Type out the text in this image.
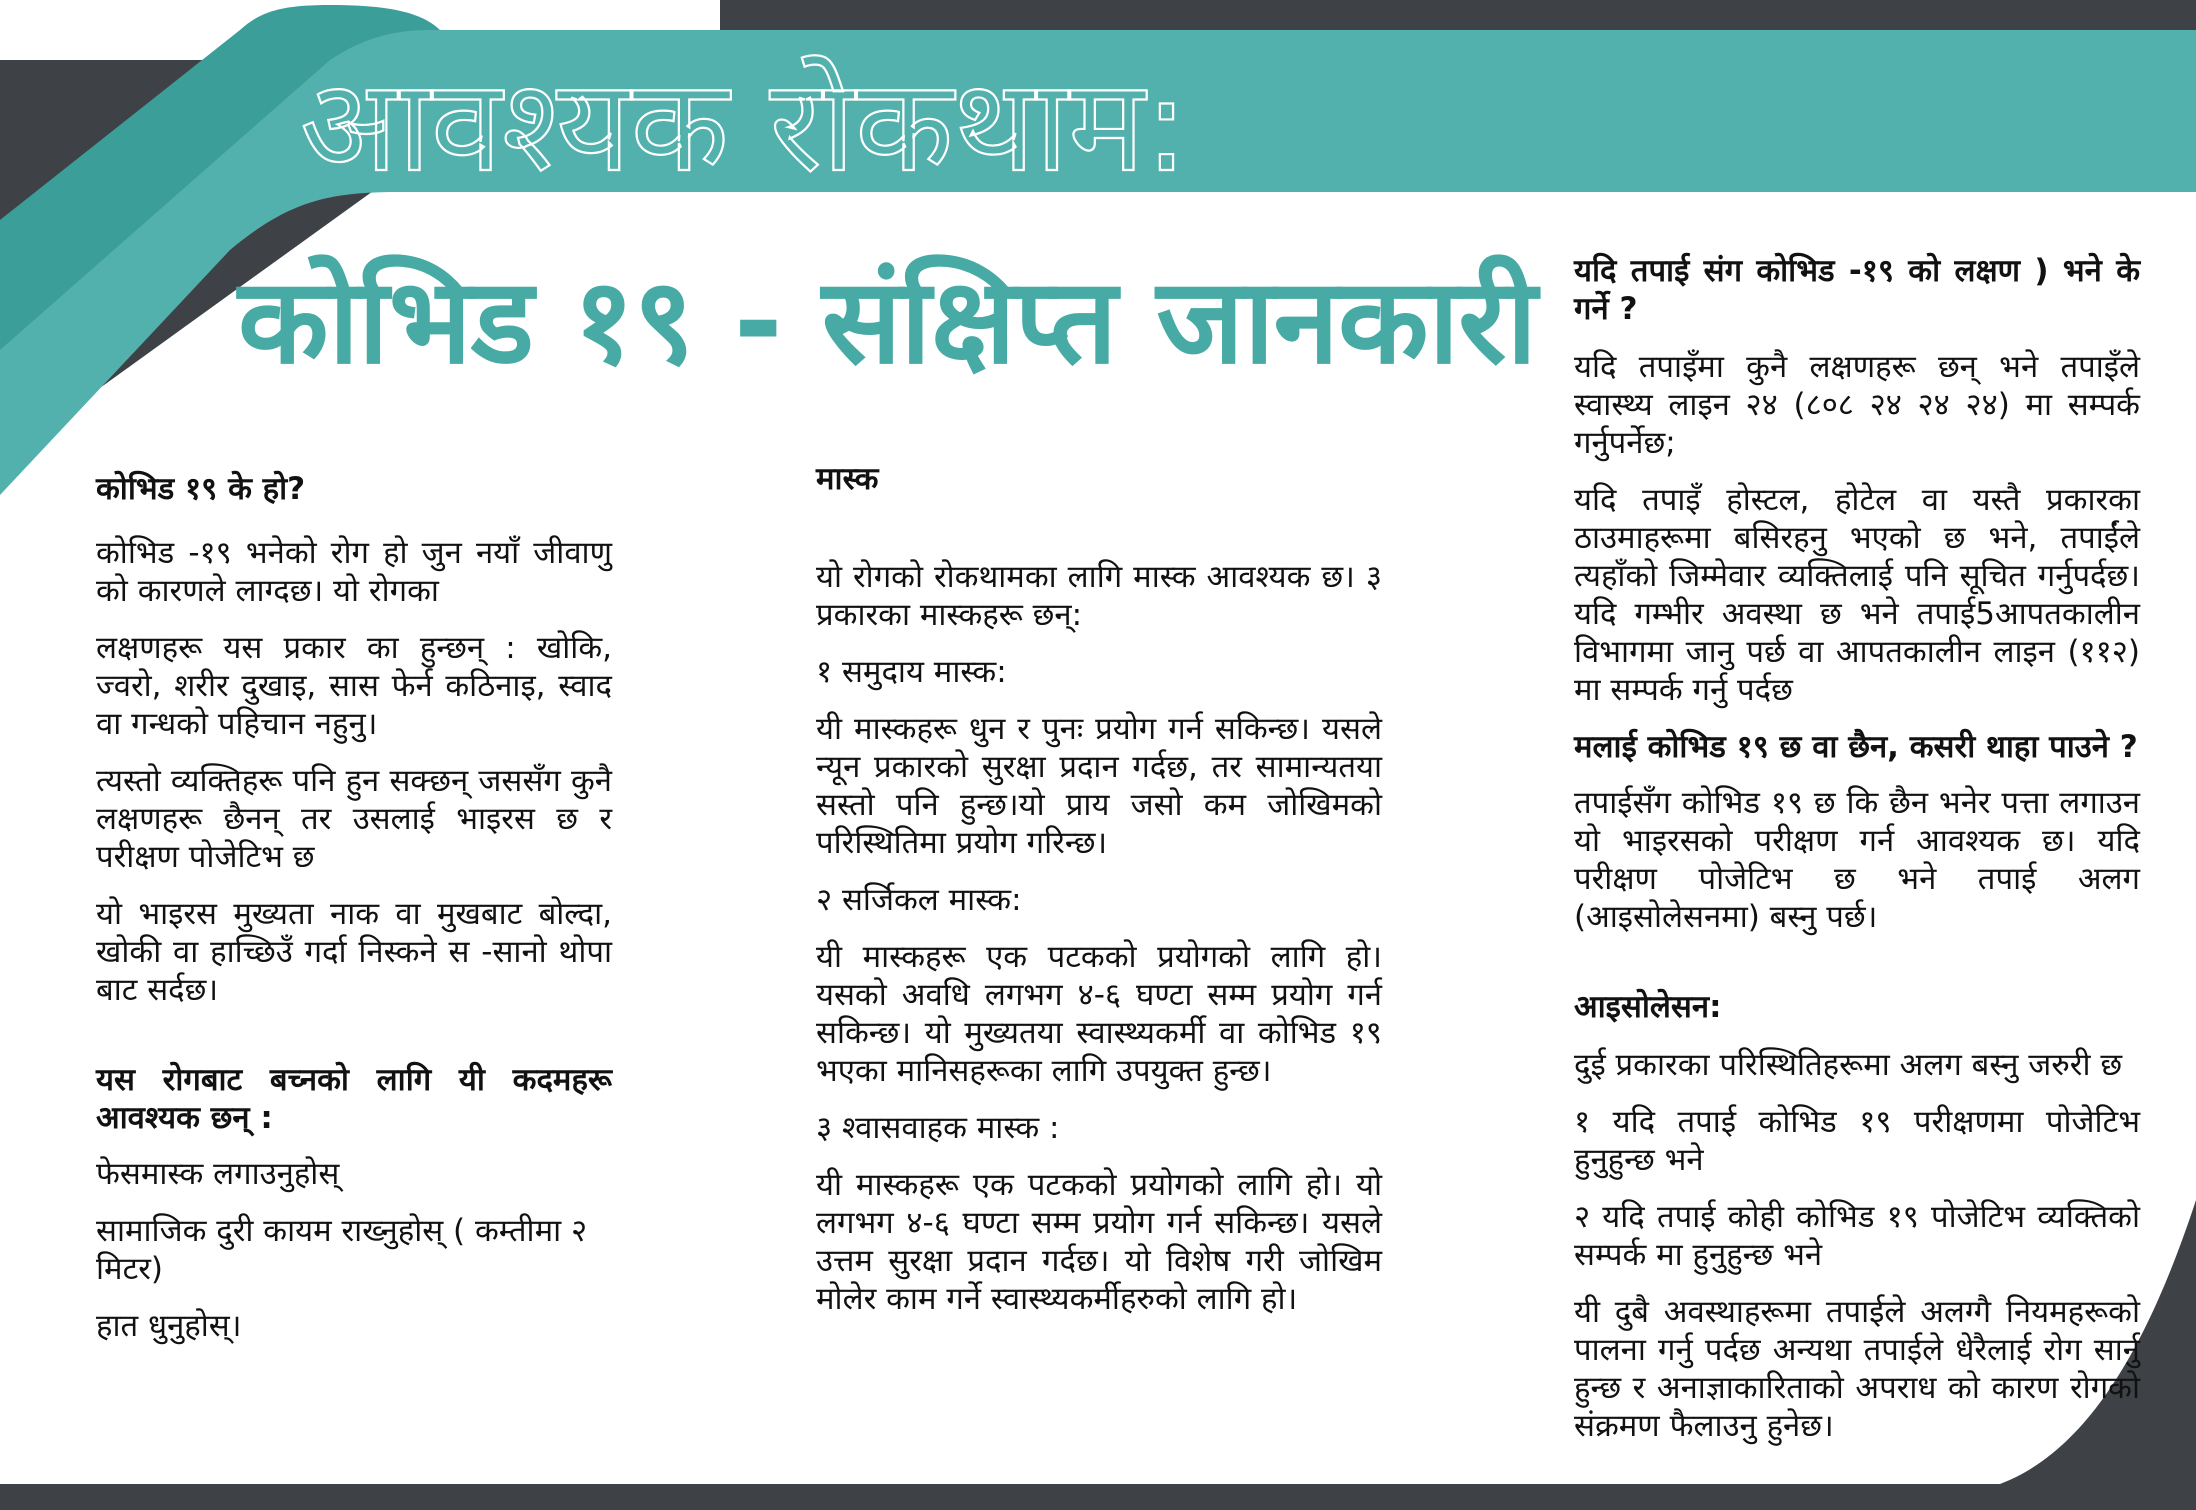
आवश्यक रोकथाम:
कोभिड १९ - संक्षिप्त जानकारी
कोभिड १९ के हो?

कोभिड -१९ भनेको रोग हो जुन नयाँ जीवाणु को कारणले लाग्दछ। यो रोगका

लक्षणहरू यस प्रकार का हुन्छन् : खोकि, ज्वरो, शरीर दुखाइ, सास फेर्न कठिनाइ, स्वाद वा गन्धको पहिचान नहुनु।

त्यस्तो व्यक्तिहरू पनि हुन सक्छन् जससँग कुनै लक्षणहरू छैनन् तर उसलाई भाइरस छ र परीक्षण पोजेटिभ छ

यो भाइरस मुख्यता नाक वा मुखबाट बोल्दा, खोकी वा हाच्छिउँ गर्दा निस्कने स -सानो थोपा बाट सर्दछ।

यस रोगबाट बच्नको लागि यी कदमहरू आवश्यक छन् :

फेसमास्क लगाउनुहोस्

सामाजिक दुरी कायम राख्नुहोस् ( कम्तीमा २ मिटर)

हात धुनुहोस्।

मास्क

यो रोगको रोकथामका लागि मास्क आवश्यक छ। ३ प्रकारका मास्कहरू छन्:

१ समुदाय मास्क:

यी मास्कहरू धुन र पुनः प्रयोग गर्न सकिन्छ। यसले न्यून प्रकारको सुरक्षा प्रदान गर्दछ, तर सामान्यतया सस्तो पनि हुन्छ।यो प्राय जसो कम जोखिमको परिस्थितिमा प्रयोग गरिन्छ।

२ सर्जिकल मास्क:

यी मास्कहरू एक पटकको प्रयोगको लागि हो। यसको अवधि लगभग ४-६ घण्टा सम्म प्रयोग गर्न सकिन्छ। यो मुख्यतया स्वास्थ्यकर्मी वा कोभिड १९ भएका मानिसहरूका लागि उपयुक्त हुन्छ।

३ श्वासवाहक मास्क :

यी मास्कहरू एक पटकको प्रयोगको लागि हो। यो लगभग ४-६ घण्टा सम्म प्रयोग गर्न सकिन्छ। यसले उत्तम सुरक्षा प्रदान गर्दछ। यो विशेष गरी जोखिम मोलेर काम गर्ने स्वास्थ्यकर्मीहरुको लागि हो।

यदि तपाई संग कोभिड -१९ को लक्षण ) भने के गर्ने ?

यदि तपाइँमा कुनै लक्षणहरू छन् भने तपाइँले स्वास्थ्य लाइन २४ (८०८ २४ २४ २४) मा सम्पर्क गर्नुपर्नेछ;

यदि तपाइँ होस्टल, होटेल वा यस्तै प्रकारका ठाउमाहरूमा बसिरहनु भएको छ भने, तपाईंले त्यहाँको जिम्मेवार व्यक्तिलाई पनि सूचित गर्नुपर्दछ। यदि गम्भीर अवस्था छ भने तपाई5आपतकालीन विभागमा जानु पर्छ वा आपतकालीन लाइन (११२) मा सम्पर्क गर्नु पर्दछ

मलाई कोभिड १९ छ वा छैन, कसरी थाहा पाउने ?

तपाईसँग कोभिड १९ छ कि छैन भनेर पत्ता लगाउन यो भाइरसको परीक्षण गर्न आवश्यक छ। यदि परीक्षण पोजेटिभ छ भने तपाई अलग (आइसोलेसनमा) बस्नु पर्छ।

आइसोलेसन:

दुई प्रकारका परिस्थितिहरूमा अलग बस्नु जरुरी छ

१ यदि तपाई कोभिड १९ परीक्षणमा पोजेटिभ हुनुहुन्छ भने

२ यदि तपाई कोही कोभिड १९ पोजेटिभ व्यक्तिको सम्पर्क मा हुनुहुन्छ भने

यी दुबै अवस्थाहरूमा तपाईले अलग्गै नियमहरूको पालना गर्नु पर्दछ अन्यथा तपाईले धेरैलाई रोग सार्नु हुन्छ र अनाज्ञाकारिताको अपराध को कारण रोगको संक्रमण फैलाउनु हुनेछ।
